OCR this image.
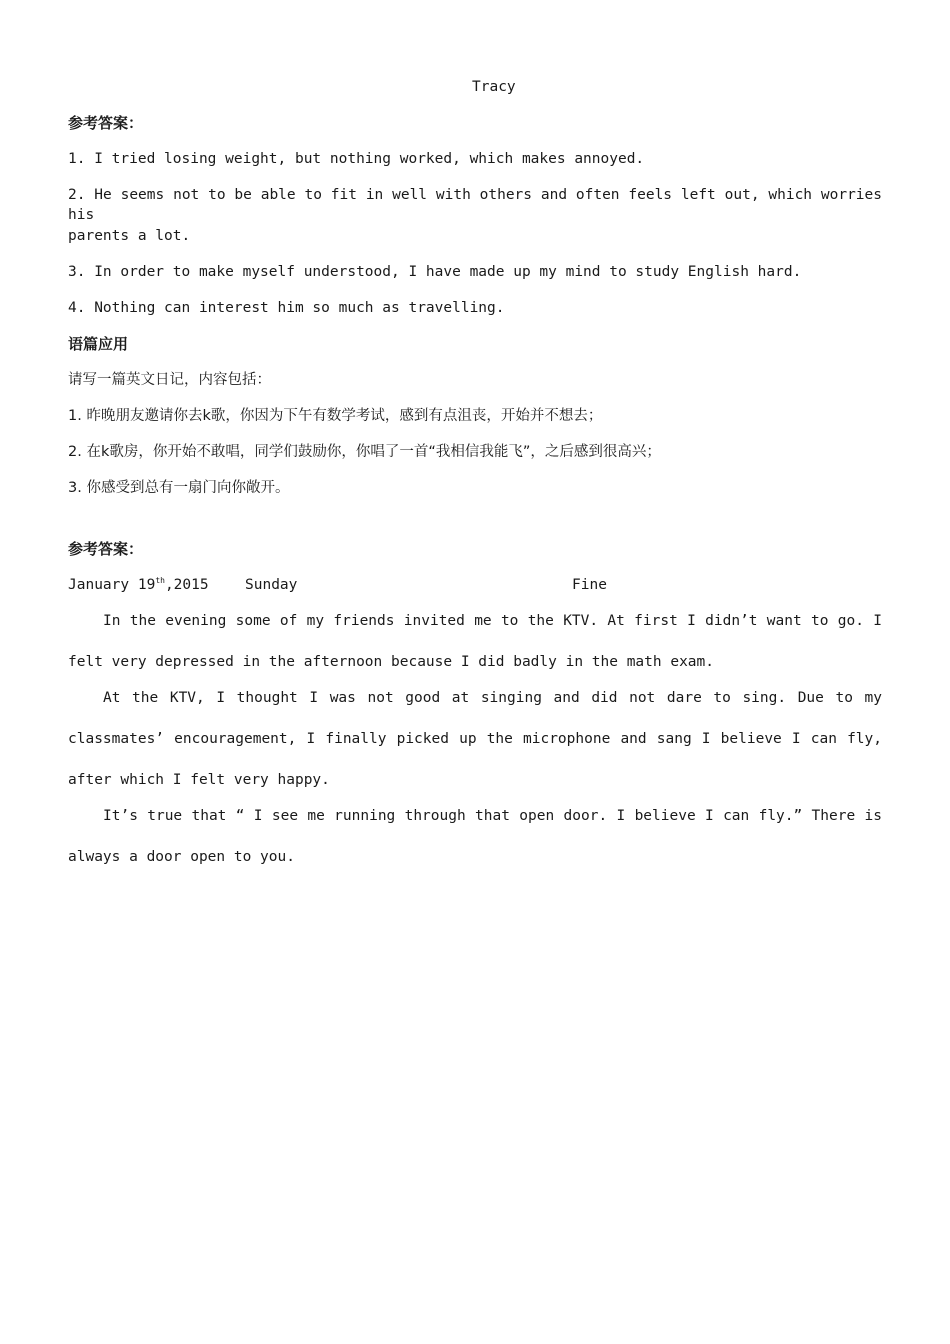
Tracy

参考答案：

1. I tried losing weight, but nothing worked, which makes annoyed.

2. He seems not to be able to fit in well with others and often feels left out, which worries his

parents a lot.

3. In order to make myself understood, I have made up my mind to study English hard.

4. Nothing can interest him so much as travelling.

语篇应用

请写一篇英文日记，内容包括：

1. 昨晚朋友邀请你去k歌，你因为下午有数学考试，感到有点沮丧，开始并不想去；

2. 在k歌房，你开始不敢唱，同学们鼓励你，你唱了一首“我相信我能飞”，之后感到很高兴；

3. 你感受到总有一扇门向你敞开。

参考答案：

January 19th,2015	Sunday	Fine

In the evening some of my friends invited me to the KTV. At first I didn’t want to go. I

felt very depressed in the afternoon because I did badly in the math exam.

At the KTV, I thought I was not good at singing and did not dare to sing. Due to my

classmates’ encouragement, I finally picked up the microphone and sang I believe I can fly,

after which I felt very happy.

It’s true that “ I see me running through that open door. I believe I can fly.” There is

always a door open to you.
